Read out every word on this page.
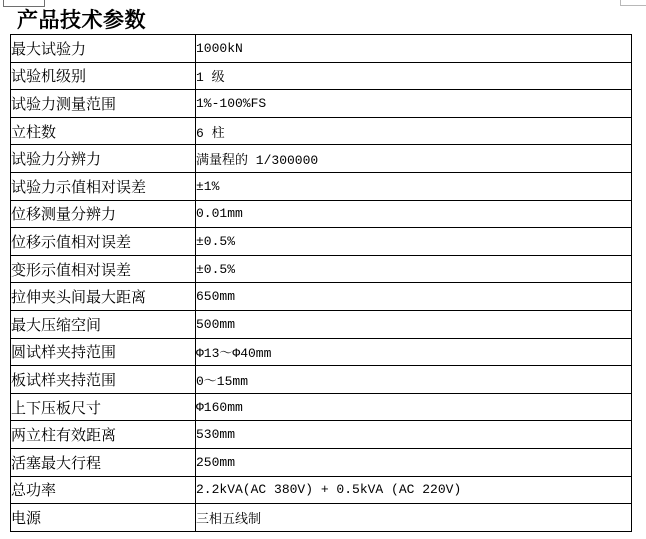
产品技术参数
最大试验力	1000kN
试验机级别	1 级
试验力测量范围	1%-100%FS
立柱数	6 柱
试验力分辨力	满量程的 1/300000
试验力示值相对误差	±1%
位移测量分辨力	0.01mm
位移示值相对误差	±0.5%
变形示值相对误差	±0.5%
拉伸夹头间最大距离	650mm
最大压缩空间	500mm
圆试样夹持范围	Φ13～Φ40mm
板试样夹持范围	0～15mm
上下压板尺寸	Φ160mm
两立柱有效距离	530mm
活塞最大行程	250mm
总功率	2.2kVA(AC 380V) + 0.5kVA (AC 220V)
电源	三相五线制
